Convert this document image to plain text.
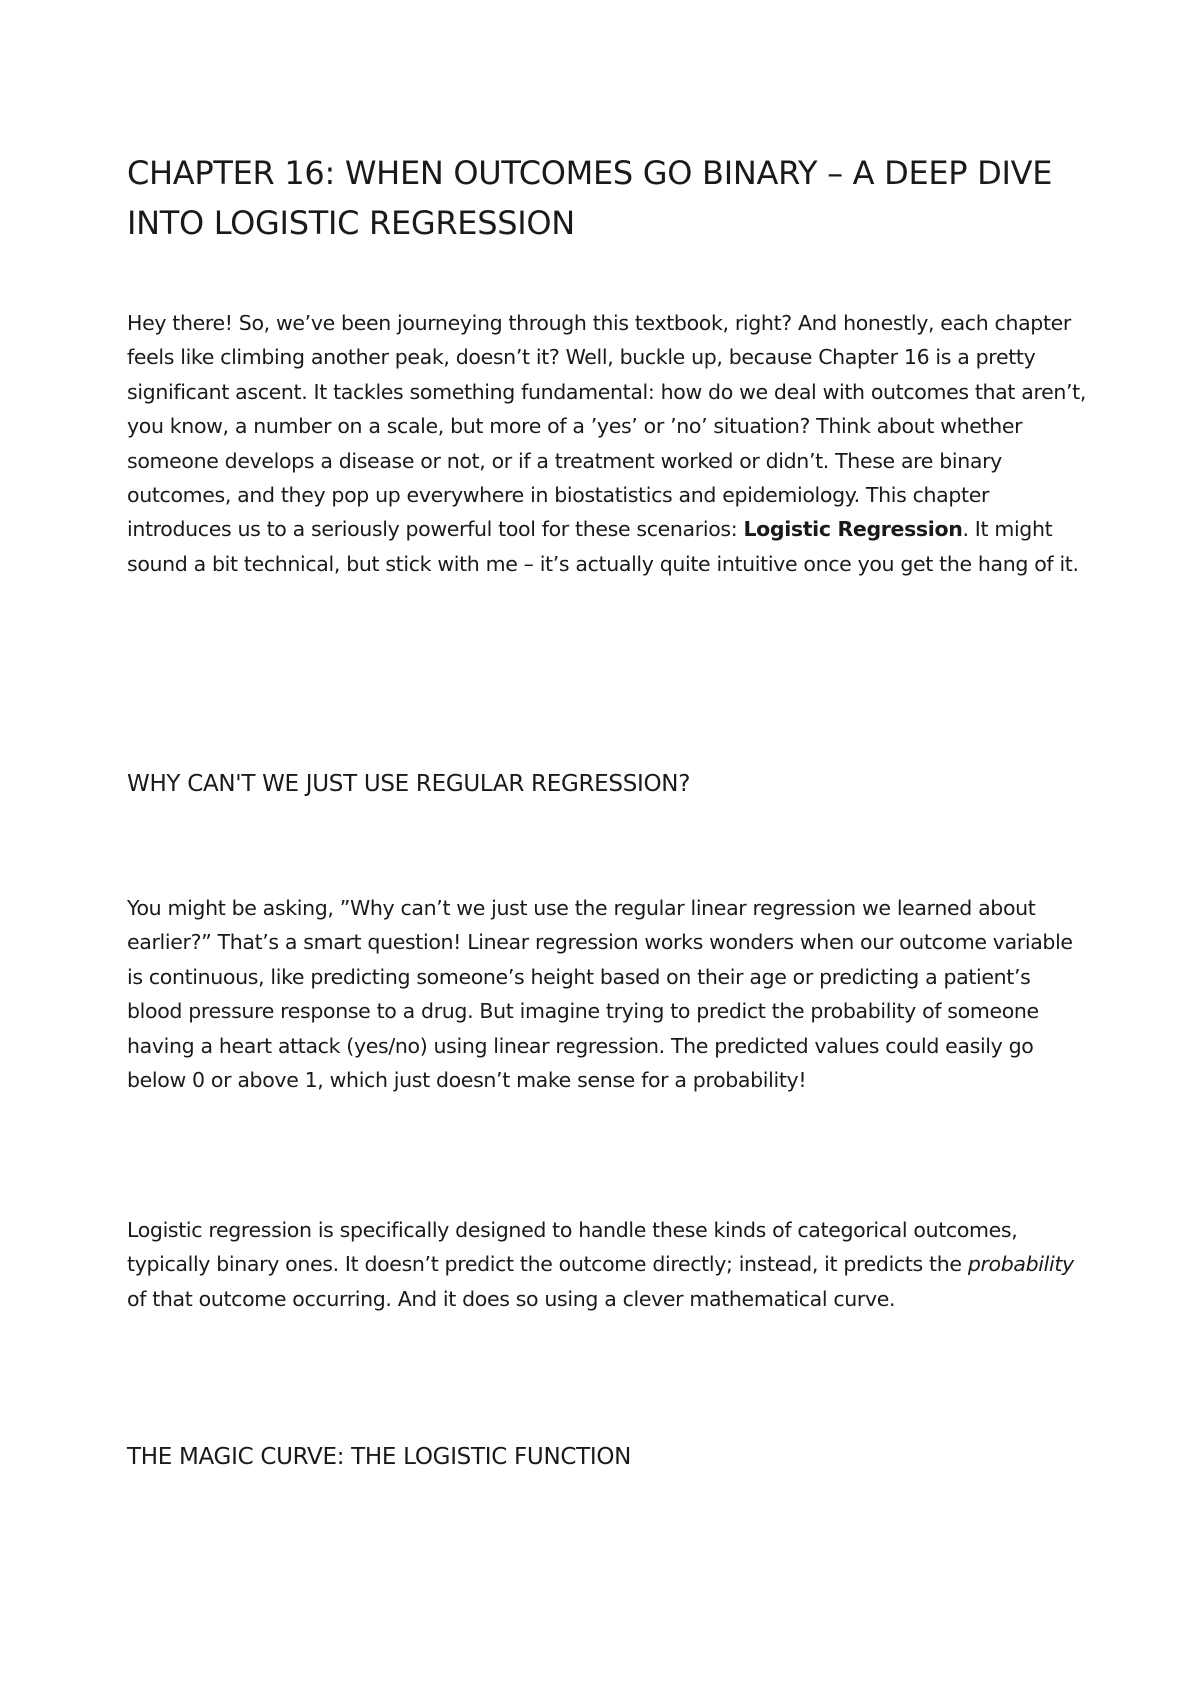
CHAPTER 16: WHEN OUTCOMES GO BINARY – A DEEP DIVE INTO LOGISTIC REGRESSION

Hey there! So, we’ve been journeying through this textbook, right? And honestly, each chapter feels like climbing another peak, doesn’t it? Well, buckle up, because Chapter 16 is a pretty significant ascent. It tackles something fundamental: how do we deal with outcomes that aren’t, you know, a number on a scale, but more of a ’yes’ or ’no’ situation? Think about whether someone develops a disease or not, or if a treatment worked or didn’t. These are binary outcomes, and they pop up everywhere in biostatistics and epidemiology. This chapter introduces us to a seriously powerful tool for these scenarios: Logistic Regression. It might sound a bit technical, but stick with me – it’s actually quite intuitive once you get the hang of it.

WHY CAN'T WE JUST USE REGULAR REGRESSION?

You might be asking, ”Why can’t we just use the regular linear regression we learned about earlier?” That’s a smart question! Linear regression works wonders when our outcome variable is continuous, like predicting someone’s height based on their age or predicting a patient’s blood pressure response to a drug. But imagine trying to predict the probability of someone having a heart attack (yes/no) using linear regression. The predicted values could easily go below 0 or above 1, which just doesn’t make sense for a probability!

Logistic regression is specifically designed to handle these kinds of categorical outcomes, typically binary ones. It doesn’t predict the outcome directly; instead, it predicts the probability of that outcome occurring. And it does so using a clever mathematical curve.

THE MAGIC CURVE: THE LOGISTIC FUNCTION
